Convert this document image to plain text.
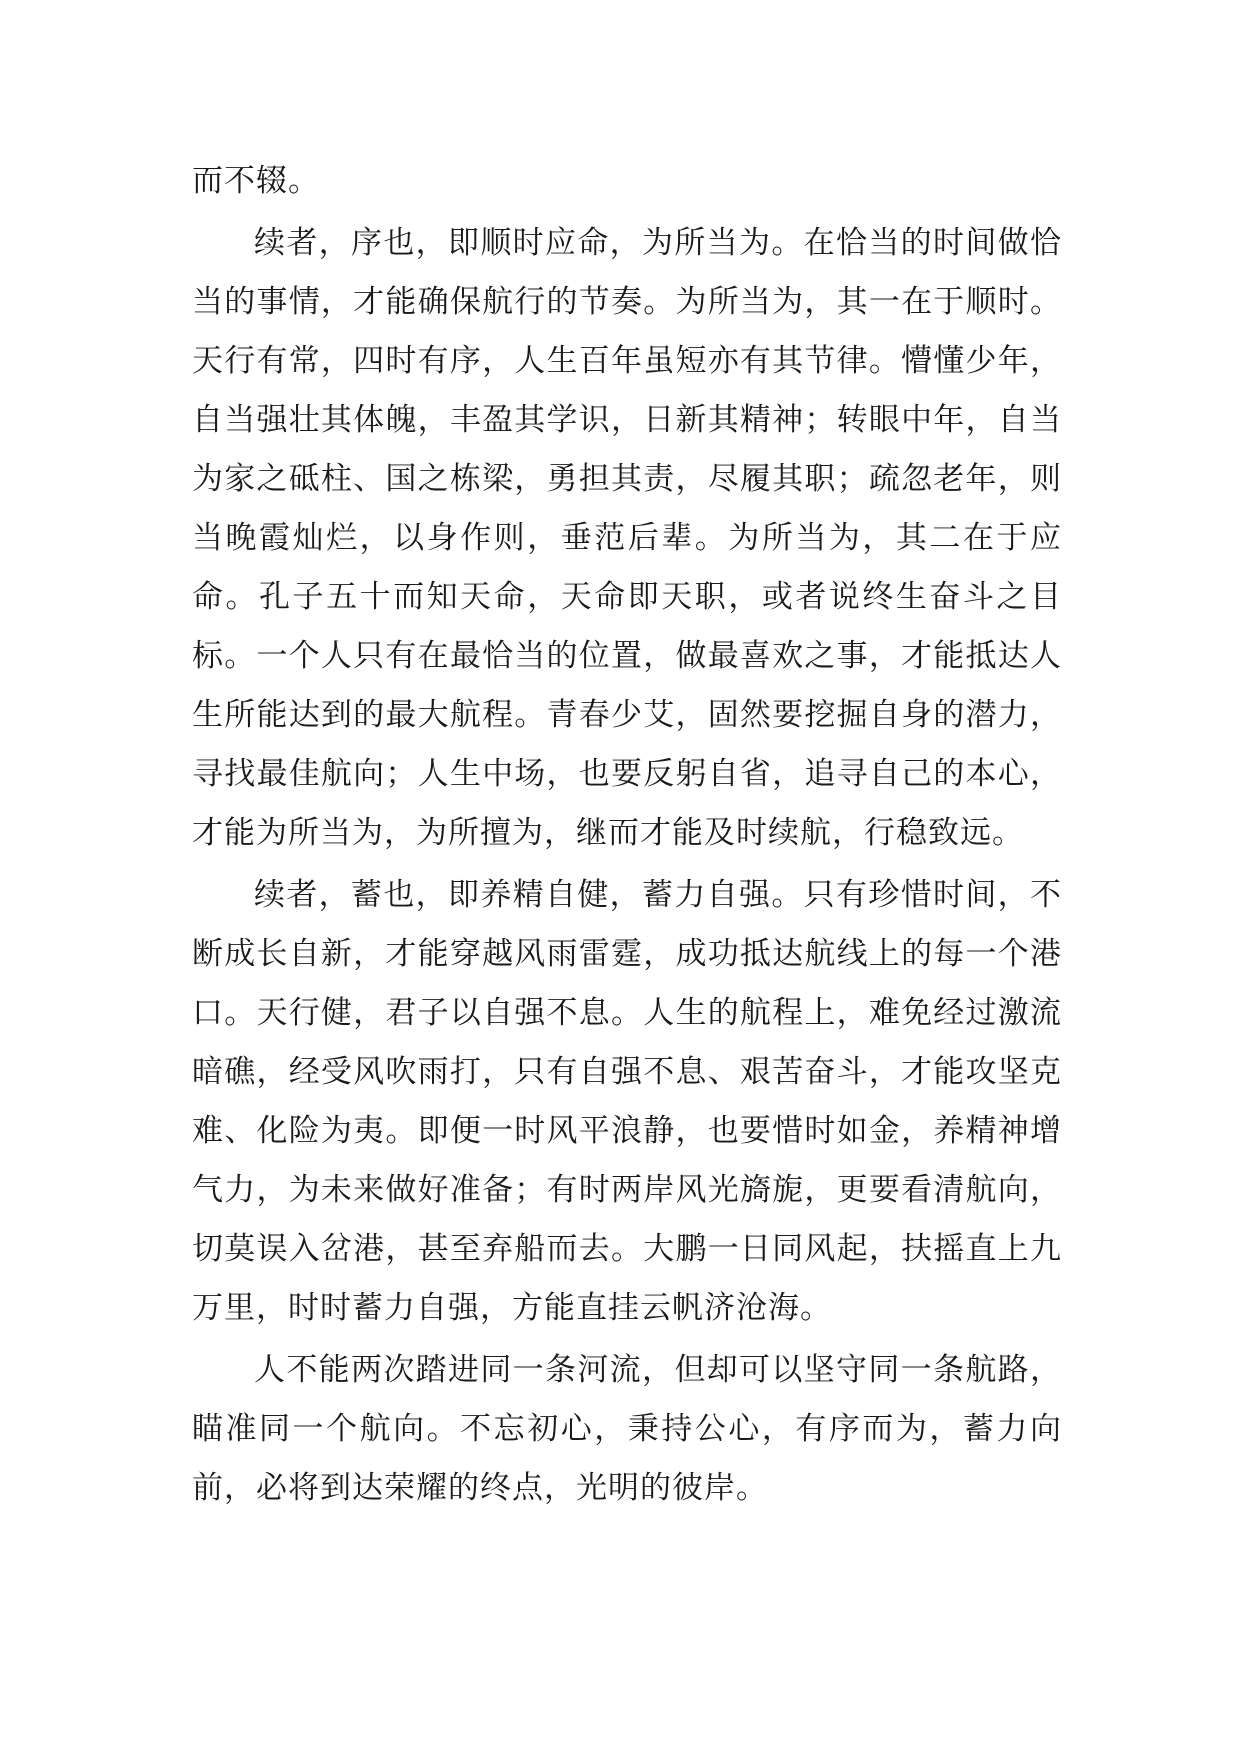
而不辍。

续者，序也，即顺时应命，为所当为。在恰当的时间做恰当的事情，才能确保航行的节奏。为所当为，其一在于顺时。天行有常，四时有序，人生百年虽短亦有其节律。懵懂少年，自当强壮其体魄，丰盈其学识，日新其精神；转眼中年，自当为家之砥柱、国之栋梁，勇担其责，尽履其职；疏忽老年，则当晚霞灿烂，以身作则，垂范后辈。为所当为，其二在于应命。孔子五十而知天命，天命即天职，或者说终生奋斗之目标。一个人只有在最恰当的位置，做最喜欢之事，才能抵达人生所能达到的最大航程。青春少艾，固然要挖掘自身的潜力，寻找最佳航向；人生中场，也要反躬自省，追寻自己的本心，才能为所当为，为所擅为，继而才能及时续航，行稳致远。

续者，蓄也，即养精自健，蓄力自强。只有珍惜时间，不断成长自新，才能穿越风雨雷霆，成功抵达航线上的每一个港口。天行健，君子以自强不息。人生的航程上，难免经过激流暗礁，经受风吹雨打，只有自强不息、艰苦奋斗，才能攻坚克难、化险为夷。即便一时风平浪静，也要惜时如金，养精神增气力，为未来做好准备；有时两岸风光旖旎，更要看清航向，切莫误入岔港，甚至弃船而去。大鹏一日同风起，扶摇直上九万里，时时蓄力自强，方能直挂云帆济沧海。

人不能两次踏进同一条河流，但却可以坚守同一条航路，瞄准同一个航向。不忘初心，秉持公心，有序而为，蓄力向前，必将到达荣耀的终点，光明的彼岸。
